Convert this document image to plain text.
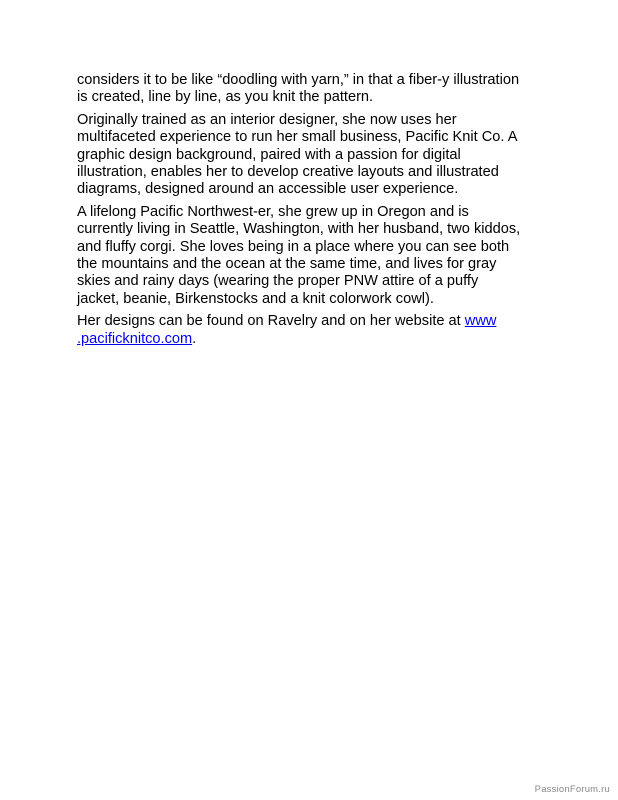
considers it to be like “doodling with yarn,” in that a fiber-y illustration
is created, line by line, as you knit the pattern.

Originally trained as an interior designer, she now uses her
multifaceted experience to run her small business, Pacific Knit Co. A
graphic design background, paired with a passion for digital
illustration, enables her to develop creative layouts and illustrated
diagrams, designed around an accessible user experience.

A lifelong Pacific Northwest-er, she grew up in Oregon and is
currently living in Seattle, Washington, with her husband, two kiddos,
and fluffy corgi. She loves being in a place where you can see both
the mountains and the ocean at the same time, and lives for gray
skies and rainy days (wearing the proper PNW attire of a puffy
jacket, beanie, Birkenstocks and a knit colorwork cowl).

Her designs can be found on Ravelry and on her website at www
.pacificknitco.com.

PassionForum.ru
